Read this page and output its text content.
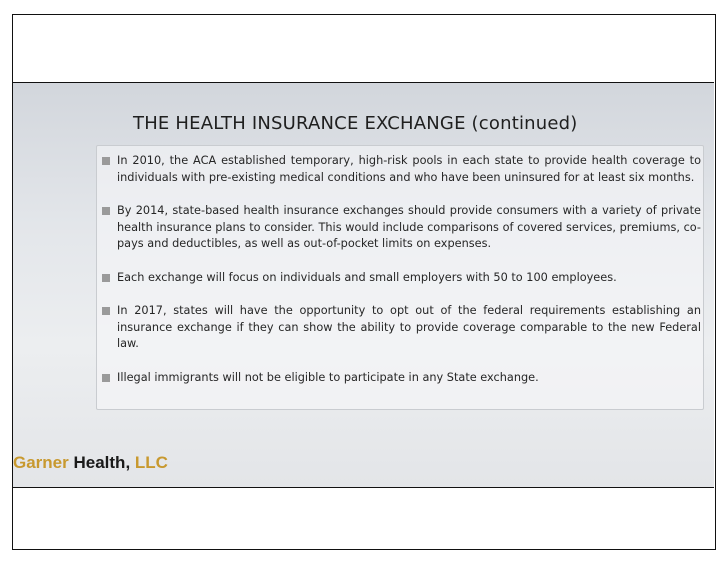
THE HEALTH INSURANCE EXCHANGE (continued)
In 2010, the ACA established temporary, high-risk pools in each state to provide health coverage to individuals with pre-existing medical conditions and who have been uninsured for at least six months.
By 2014, state-based health insurance exchanges should provide consumers with a variety of private health insurance plans to consider. This would include comparisons of covered services, premiums, co-pays and deductibles, as well as out-of-pocket limits on expenses.
Each exchange will focus on individuals and small employers with 50 to 100 employees.
In 2017, states will have the opportunity to opt out of the federal requirements establishing an insurance exchange if they can show the ability to provide coverage comparable to the new Federal law.
Illegal immigrants will not be eligible to participate in any State exchange.
Garner Health, LLC
